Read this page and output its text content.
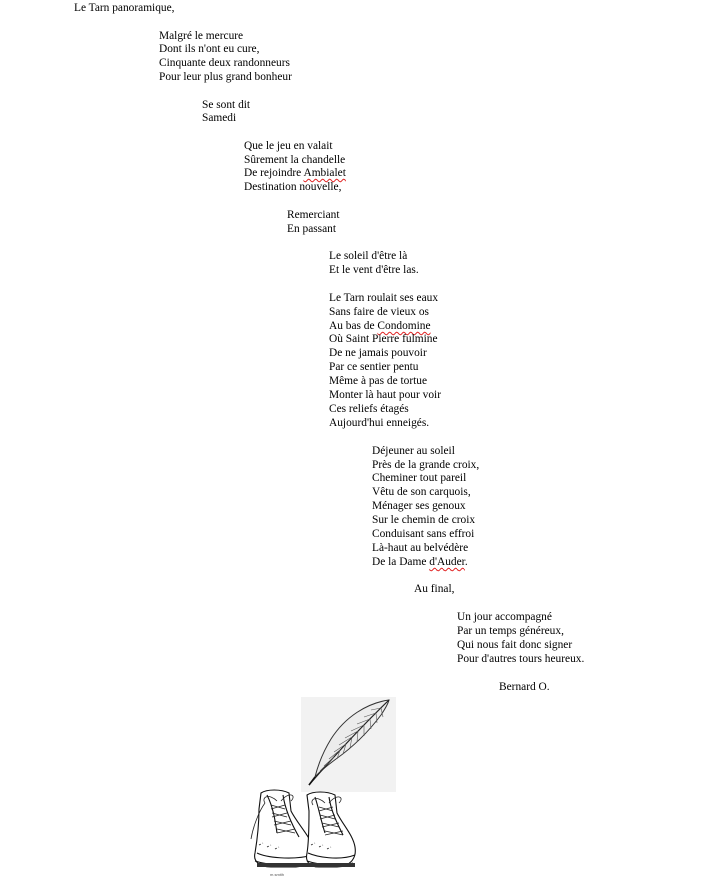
Le Tarn panoramique,
Malgré le mercure
Dont ils n'ont eu cure,
Cinquante deux randonneurs
Pour leur plus grand bonheur
Se sont dit
Samedi
Que le jeu en valait
Sûrement la chandelle
De rejoindre Ambialet
Destination nouvelle,
Remerciant
En passant
Le soleil d'être là
Et le vent d'être las.
Le Tarn roulait ses eaux
Sans faire de vieux os
Au bas de Condomine
Où Saint Pierre fulmine
De ne jamais pouvoir
Par ce sentier pentu
Même à pas de tortue
Monter là haut pour voir
Ces reliefs étagés
Aujourd'hui enneigés.
Déjeuner au soleil
Près de la grande croix,
Cheminer tout pareil
Vêtu de son carquois,
Ménager ses genoux
Sur le chemin de croix
Conduisant sans effroi
Là-haut au belvédère
De la Dame d'Auder.
Au final,
Un jour accompagné
Par un temps généreux,
Qui nous fait donc signer
Pour d'autres tours heureux.
Bernard O.
m.smith
